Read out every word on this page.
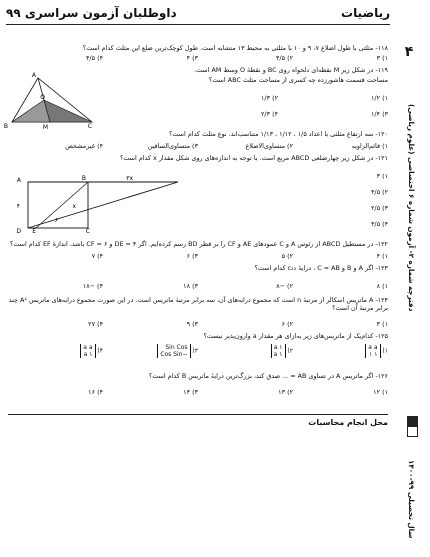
ریاضیات
داوطلبان آزمون سراسری ۹۹
۴
دفترچه شماره ۲- آزمون شماره ۶ اختصاصی (علوم ریاضی)
سال تحصیلی ۹۹-۱۴۰۰
۱۱۸- مثلثی با طول اضلاع ۷، ۹ و ۱۰ با مثلثی به محیط ۱۳ متشابه است. طول کوچک‌ترین ضلع این مثلث کدام است؟
۱) ۳
۲) ۴/۵
۳) ۴
۴) ۴/۵
۱۱۹- در شکل زیر M نقطه‌ای دلخواه روی BC و نقطهٔ O وسط AM است.
مساحت قسمت هاشورزده چه کسری از مساحت مثلث ABC است؟
۱) ۱/۲
۲) ۱/۳
۳) ۱/۴
۴) ۲/۳
A
B	C
M
O
۱۲۰- سه ارتفاع مثلثی با اعداد ۱/۵ ، ۱/۱۲ ، ۱/۱۳ متناسب‌اند. نوع مثلث کدام است؟
۱) قائم‌الزاویه
۲) متساوی‌الاضلاع
۳) متساوی‌الساقین
۴) غیرمشخص
۱۲۱- در شکل زیر چهارضلعی ABCD مربع است. با توجه به اندازه‌های روی شکل مقدار x کدام است؟
۱) ۳
۲) ۴/۵
۳) ۲/۵
۴) ۳/۵
A	B
D	C
E
x
۳x
۴
۶
۱۲۲- در مستطیل ABCD از رئوس A و C عمودهای AE و CF را بر قطر BD رسم کرده‌ایم. اگر DE = ۴ و CF = ۶ باشد، اندازهٔ EF کدام است؟
۱) ۴
۲) ۵
۳) ۶
۴) ۷
۱۲۳- اگر A و B و C = AB ، درایهٔ c₂₂ کدام است؟
۱) ۸
۲) −۸
۳) ۱۸
۴) −۱۸
۱۲۴- A ماتریس اسکالر از مرتبهٔ n است که مجموع درایه‌های آن، سه برابر مرتبهٔ ماتریس است. در این صورت مجموع درایه‌های ماتریس A² چند برابر مرتبهٔ آن است؟
۱) ۳
۲) ۶
۳) ۹
۴) ۲۷
۱۲۵- کدام‌یک از ماتریس‌های زیر به‌ازای هر مقدار a وارون‌پذیر نیست؟
۱) a a
۱ ۱
۲) a ۱
۱ a
۳) Sin Cos
−Cos Sin
۴) a a
۱ a
۱۲۶- اگر ماتریس A در تساوی AB = ... صدق کند، بزرگ‌ترین درایهٔ ماتریس B کدام است؟
۱) ۱۲
۲) ۱۳
۳) ۱۴
۴) ۱۶
محل انجام محاسبات
